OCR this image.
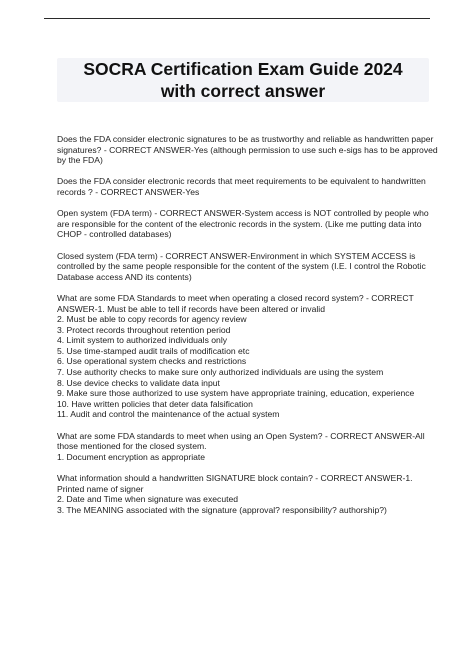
SOCRA Certification Exam Guide 2024
with correct answer

Does the FDA consider electronic signatures to be as trustworthy and reliable as handwritten paper signatures? - CORRECT ANSWER-Yes (although permission to use such e-sigs has to be approved by the FDA)

Does the FDA consider electronic records that meet requirements to be equivalent to handwritten records ? - CORRECT ANSWER-Yes

Open system (FDA term) - CORRECT ANSWER-System access is NOT controlled by people who are responsible for the content of the electronic records in the system. (Like me putting data into CHOP - controlled databases)

Closed system (FDA term) - CORRECT ANSWER-Environment in which SYSTEM ACCESS is controlled by the same people responsible for the content of the system (I.E. I control the Robotic Database access AND its contents)

What are some FDA Standards to meet when operating a closed record system? - CORRECT ANSWER-1. Must be able to tell if records have been altered or invalid

2. Must be able to copy records for agency review

3. Protect records throughout retention period

4. Limit system to authorized individuals only

5. Use time-stamped audit trails of modification etc

6. Use operational system checks and restrictions

7. Use authority checks to make sure only authorized individuals are using the system

8. Use device checks to validate data input

9. Make sure those authorized to use system have appropriate training, education, experience

10. Have written policies that deter data falsification

11. Audit and control the maintenance of the actual system

What are some FDA standards to meet when using an Open System? - CORRECT ANSWER-All those mentioned for the closed system.

1. Document encryption as appropriate

What information should a handwritten SIGNATURE block contain? - CORRECT ANSWER-1. Printed name of signer

2. Date and Time when signature was executed

3. The MEANING associated with the signature (approval? responsibility? authorship?)
